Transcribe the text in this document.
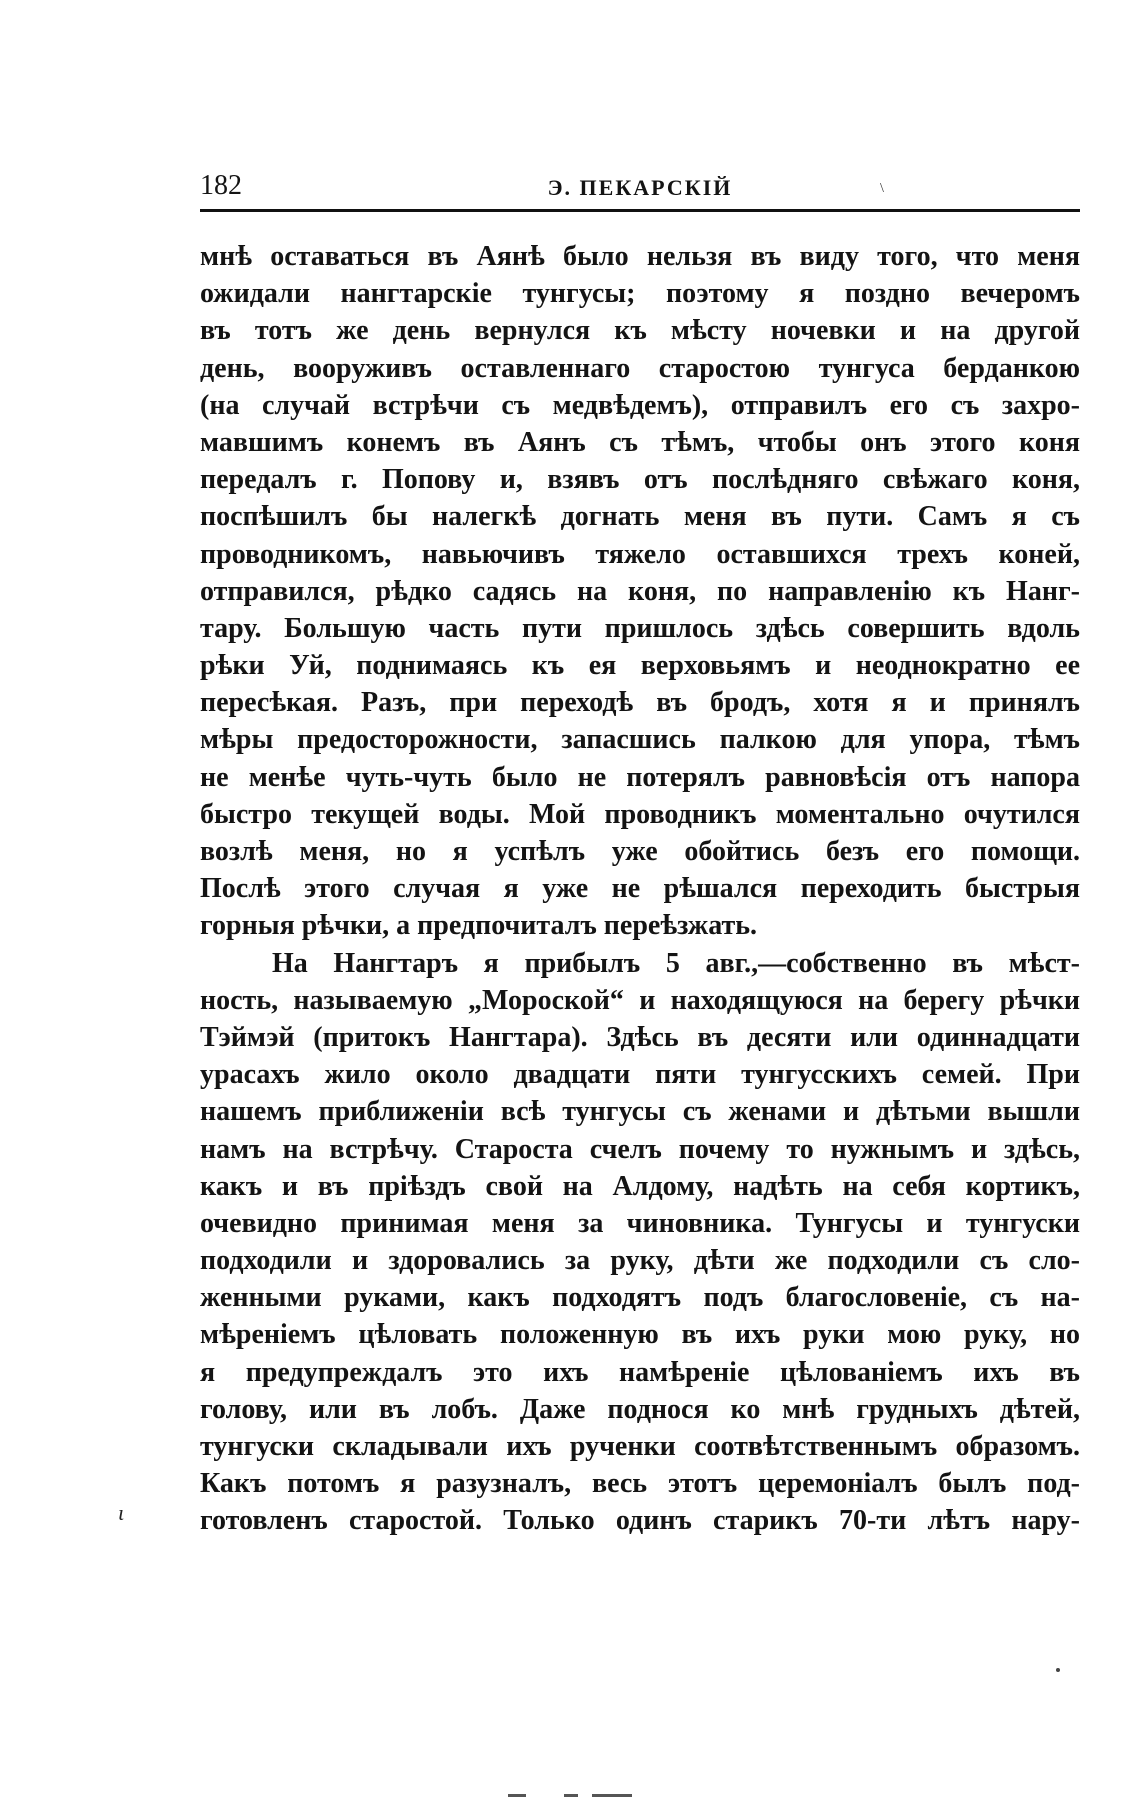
182	Э. ПЕКАРСКІЙ	\
мнѣ оставаться въ Аянѣ было нельзя въ виду того, что меня
ожидали нангтарскіе тунгусы; поэтому я поздно вечеромъ
въ тотъ же день вернулся къ мѣсту ночевки и на другой
день, вооруживъ оставленнаго старостою тунгуса берданкою
(на случай встрѣчи съ медвѣдемъ), отправилъ его съ захро-
мавшимъ конемъ въ Аянъ съ тѣмъ, чтобы онъ этого коня
передалъ г. Попову и, взявъ отъ послѣдняго свѣжаго коня,
поспѣшилъ бы налегкѣ догнать меня въ пути. Самъ я съ
проводникомъ, навьючивъ тяжело оставшихся трехъ коней,
отправился, рѣдко садясь на коня, по направленію къ Нанг-
тару. Большую часть пути пришлось здѣсь совершить вдоль
рѣки Уй, поднимаясь къ ея верховьямъ и неоднократно ее
пересѣкая. Разъ, при переходѣ въ бродъ, хотя я и принялъ
мѣры предосторожности, запасшись палкою для упора, тѣмъ
не менѣе чуть-чуть было не потерялъ равновѣсія отъ напора
быстро текущей воды. Мой проводникъ моментально очутился
возлѣ меня, но я успѣлъ уже обойтись безъ его помощи.
Послѣ этого случая я уже не рѣшался переходить быстрыя
горныя рѣчки, а предпочиталъ переѣзжать.
На Нангтаръ я прибылъ 5 авг.,—собственно въ мѣст-
ность, называемую „Мороской“ и находящуюся на берегу рѣчки
Тэймэй (притокъ Нангтара). Здѣсь въ десяти или одиннадцати
урасахъ жило около двадцати пяти тунгусскихъ семей. При
нашемъ приближеніи всѣ тунгусы съ женами и дѣтьми вышли
намъ на встрѣчу. Староста счелъ почему то нужнымъ и здѣсь,
какъ и въ пріѣздъ свой на Алдому, надѣть на себя кортикъ,
очевидно принимая меня за чиновника. Тунгусы и тунгуски
подходили и здоровались за руку, дѣти же подходили съ сло-
женными руками, какъ подходятъ подъ благословеніе, съ на-
мѣреніемъ цѣловать положенную въ ихъ руки мою руку, но
я предупреждалъ это ихъ намѣреніе цѣлованіемъ ихъ въ
голову, или въ лобъ. Даже поднося ко мнѣ грудныхъ дѣтей,
тунгуски складывали ихъ рученки соотвѣтственнымъ образомъ.
Какъ потомъ я разузналъ, весь этотъ церемоніалъ былъ под-
готовленъ старостой. Только одинъ старикъ 70-ти лѣтъ нару-
ɩ
